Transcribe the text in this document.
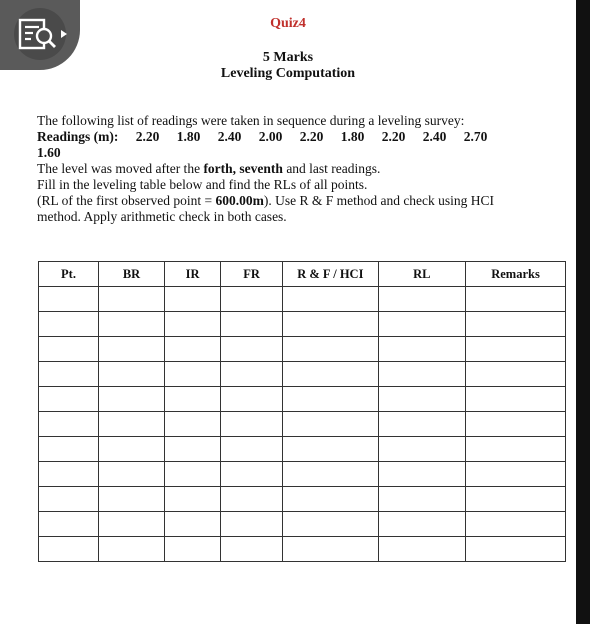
Quiz4
5 Marks
Leveling Computation

The following list of readings were taken in sequence during a leveling survey:

Readings (m): 2.20 1.80 2.40 2.00 2.20 1.80 2.20 2.40 2.70

1.60

The level was moved after the forth, seventh and last readings.

Fill in the leveling table below and find the RLs of all points.

(RL of the first observed point = 600.00m). Use R & F method and check using HCI

method. Apply arithmetic check in both cases.

Pt.	BR	IR	FR	R & F / HCI	RL	Remarks
